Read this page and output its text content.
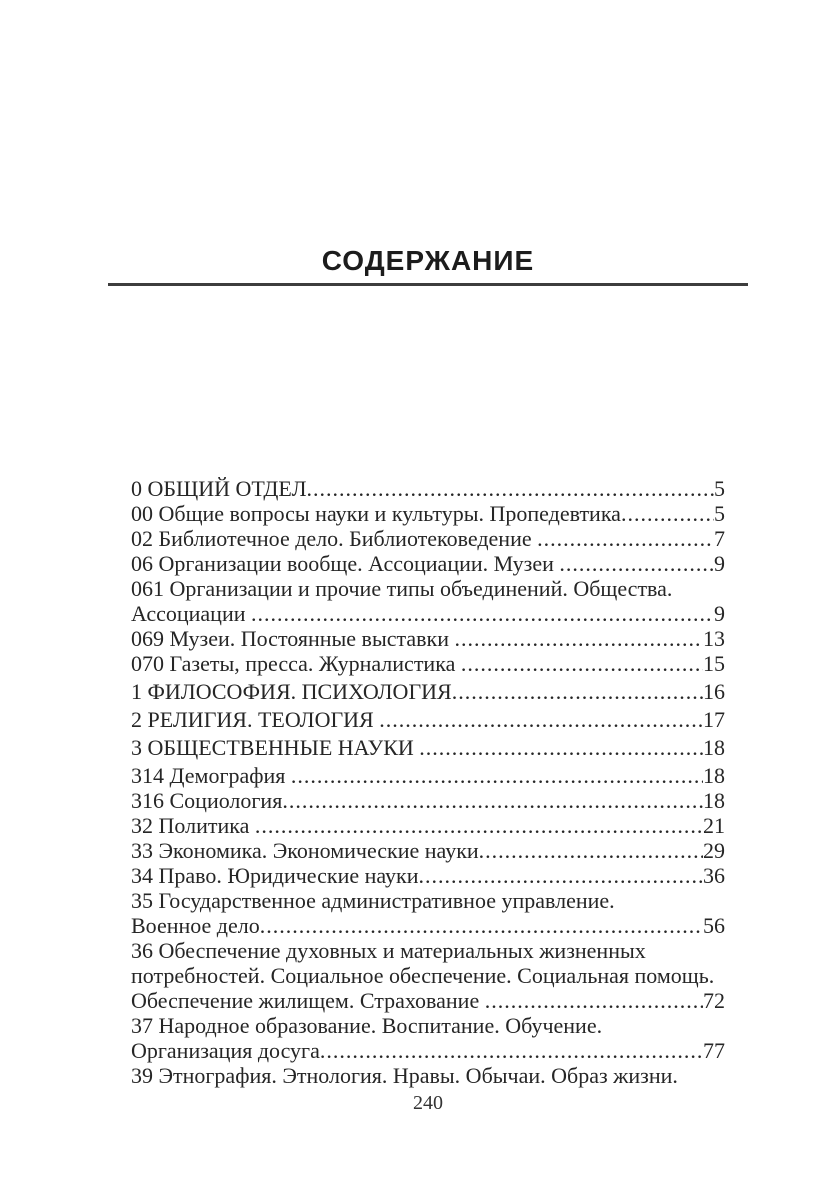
СОДЕРЖАНИЕ
0 ОБЩИЙ ОТДЕЛ .....	5
00 Общие вопросы науки и культуры. Пропедевтика .....	5
02 Библиотечное дело. Библиотековедение .....	7
06 Организации вообще. Ассоциации. Музеи .....	9
061 Организации и прочие типы объединений. Общества.
Ассоциации .....	9
069 Музеи. Постоянные выставки .....	13
070 Газеты, пресса. Журналистика .....	15
1 ФИЛОСОФИЯ. ПСИХОЛОГИЯ .....	16
2 РЕЛИГИЯ. ТЕОЛОГИЯ .....	17
3 ОБЩЕСТВЕННЫЕ НАУКИ .....	18
314 Демография .....	18
316 Социология .....	18
32 Политика .....	21
33 Экономика. Экономические науки .....	29
34 Право. Юридические науки .....	36
35 Государственное административное управление.
Военное дело .....	56
36 Обеспечение духовных и материальных жизненных
потребностей. Социальное обеспечение. Социальная помощь.
Обеспечение жилищем. Страхование .....	72
37 Народное образование. Воспитание. Обучение.
Организация досуга .....	77
39 Этнография. Этнология. Нравы. Обычаи. Образ жизни.
240
